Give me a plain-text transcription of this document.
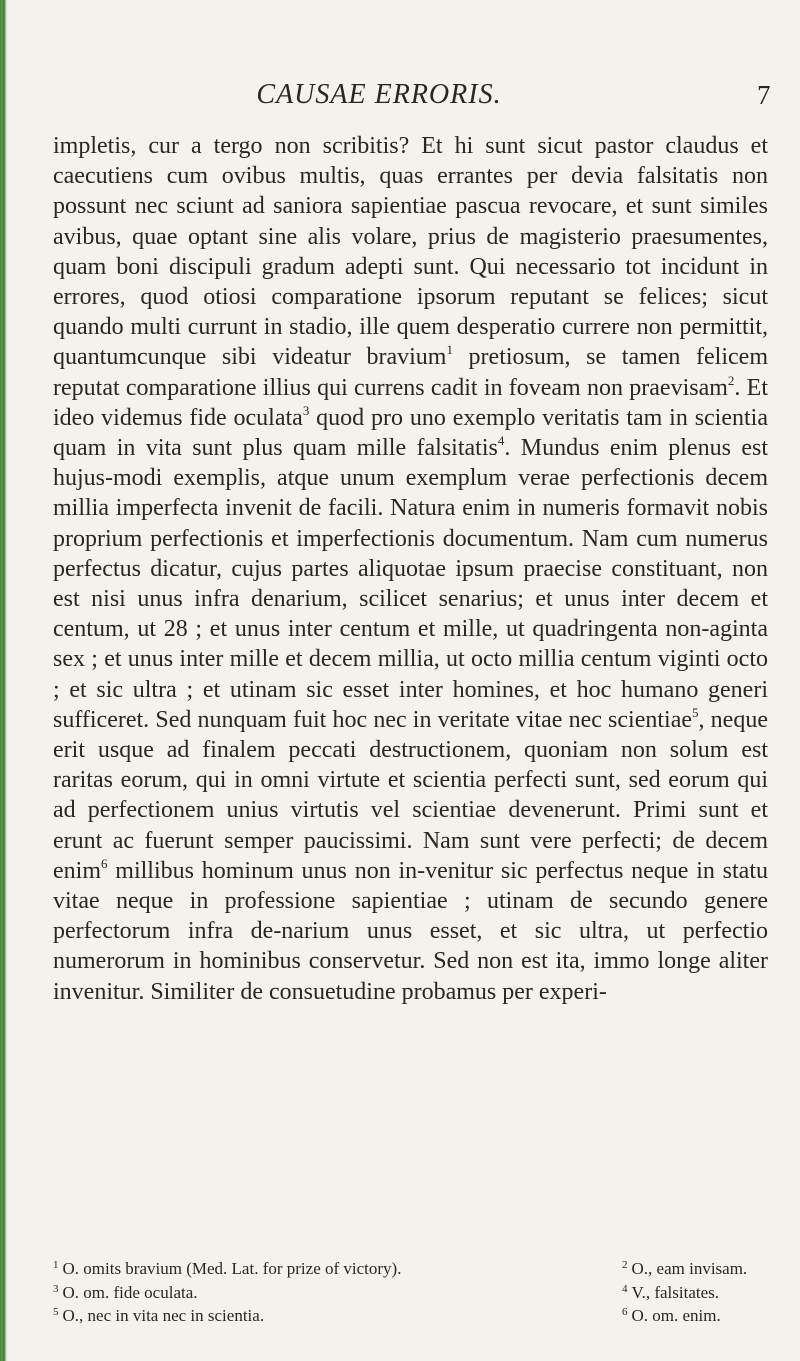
CAUSAE ERRORIS.	7

impletis, cur a tergo non scribitis? Et hi sunt sicut pastor claudus et caecutiens cum ovibus multis, quas errantes per devia falsitatis non possunt nec sciunt ad saniora sapientiae pascua revocare, et sunt similes avibus, quae optant sine alis volare, prius de magisterio praesumentes, quam boni discipuli gradum adepti sunt. Qui necessario tot incidunt in errores, quod otiosi comparatione ipsorum reputant se felices; sicut quando multi currunt in stadio, ille quem desperatio currere non permittit, quantumcunque sibi videatur bravium$^1$ pretiosum, se tamen felicem reputat comparatione illius qui currens cadit in foveam non praevisam$^2$. Et ideo videmus fide oculata$^3$ quod pro uno exemplo veritatis tam in scientia quam in vita sunt plus quam mille falsitatis$^4$. Mundus enim plenus est hujus-modi exemplis, atque unum exemplum verae perfectionis decem millia imperfecta invenit de facili. Natura enim in numeris formavit nobis proprium perfectionis et imperfectionis documentum. Nam cum numerus perfectus dicatur, cujus partes aliquotae ipsum praecise constituant, non est nisi unus infra denarium, scilicet senarius; et unus inter decem et centum, ut 28 ; et unus inter centum et mille, ut quadringenta non-aginta sex ; et unus inter mille et decem millia, ut octo millia centum viginti octo ; et sic ultra ; et utinam sic esset inter homines, et hoc humano generi sufficeret. Sed nunquam fuit hoc nec in veritate vitae nec scientiae$^5$, neque erit usque ad finalem peccati destructionem, quoniam non solum est raritas eorum, qui in omni virtute et scientia perfecti sunt, sed eorum qui ad perfectionem unius virtutis vel scientiae devenerunt. Primi sunt et erunt ac fuerunt semper paucissimi. Nam sunt vere perfecti; de decem enim$^6$ millibus hominum unus non in-venitur sic perfectus neque in statu vitae neque in professione sapientiae ; utinam de secundo genere perfectorum infra de-narium unus esset, et sic ultra, ut perfectio numerorum in hominibus conservetur. Sed non est ita, immo longe aliter invenitur. Similiter de consuetudine probamus per experi-

$^1$ O. omits bravium (Med. Lat. for prize of victory).	$^2$ O., eam invisam.
$^3$ O. om. fide oculata.	$^4$ V., falsitates.
$^5$ O., nec in vita nec in scientia.	$^6$ O. om. enim.
